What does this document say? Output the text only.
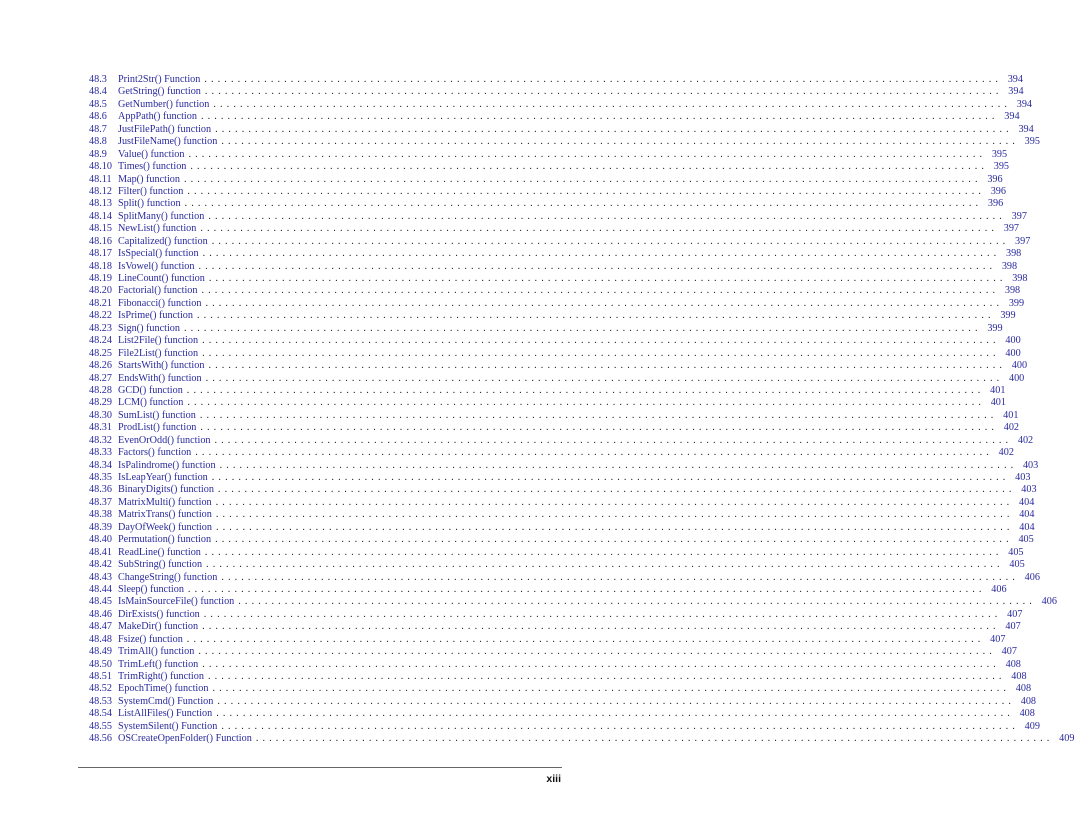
48.3	Print2Str() Function ........................................................................................................................ 394
48.4	GetString() function ........................................................................................................................ 394
48.5	GetNumber() function ........................................................................................................................ 394
48.6	AppPath() function ........................................................................................................................ 394
48.7	JustFilePath() function ........................................................................................................................ 394
48.8	JustFileName() function ........................................................................................................................ 395
48.9	Value() function ........................................................................................................................ 395
48.10 Times() function ........................................................................................................................ 395
48.11 Map() function ........................................................................................................................ 396
48.12 Filter() function ........................................................................................................................ 396
48.13 Split() function ........................................................................................................................ 396
48.14 SplitMany() function ........................................................................................................................ 397
48.15 NewList() function ........................................................................................................................ 397
48.16 Capitalized() function ........................................................................................................................ 397
48.17 IsSpecial() function ........................................................................................................................ 398
48.18 IsVowel() function ........................................................................................................................ 398
48.19 LineCount() function ........................................................................................................................ 398
48.20 Factorial() function ........................................................................................................................ 398
48.21 Fibonacci() function ........................................................................................................................ 399
48.22 IsPrime() function ........................................................................................................................ 399
48.23 Sign() function ........................................................................................................................ 399
48.24 List2File() function ........................................................................................................................ 400
48.25 File2List() function ........................................................................................................................ 400
48.26 StartsWith() function ........................................................................................................................ 400
48.27 EndsWith() function ........................................................................................................................ 400
48.28 GCD() function ........................................................................................................................ 401
48.29 LCM() function ........................................................................................................................ 401
48.30 SumList() function ........................................................................................................................ 401
48.31 ProdList() function ........................................................................................................................ 402
48.32 EvenOrOdd() function ........................................................................................................................ 402
48.33 Factors() function ........................................................................................................................ 402
48.34 IsPalindrome() function ........................................................................................................................ 403
48.35 IsLeapYear() function ........................................................................................................................ 403
48.36 BinaryDigits() function ........................................................................................................................ 403
48.37 MatrixMulti() function ........................................................................................................................ 404
48.38 MatrixTrans() function ........................................................................................................................ 404
48.39 DayOfWeek() function ........................................................................................................................ 404
48.40 Permutation() function ........................................................................................................................ 405
48.41 ReadLine() function ........................................................................................................................ 405
48.42 SubString() function ........................................................................................................................ 405
48.43 ChangeString() function ........................................................................................................................ 406
48.44 Sleep() function ........................................................................................................................ 406
48.45 IsMainSourceFile() function ........................................................................................................................ 406
48.46 DirExists() function ........................................................................................................................ 407
48.47 MakeDir() function ........................................................................................................................ 407
48.48 Fsize() function ........................................................................................................................ 407
48.49 TrimAll() function ........................................................................................................................ 407
48.50 TrimLeft() function ........................................................................................................................ 408
48.51 TrimRight() function ........................................................................................................................ 408
48.52 EpochTime() function ........................................................................................................................ 408
48.53 SystemCmd() Function ........................................................................................................................ 408
48.54 ListAllFiles() Function ........................................................................................................................ 408
48.55 SystemSilent() Function ........................................................................................................................ 409
48.56 OSCreateOpenFolder() Function ........................................................................................................................ 409
xiii
